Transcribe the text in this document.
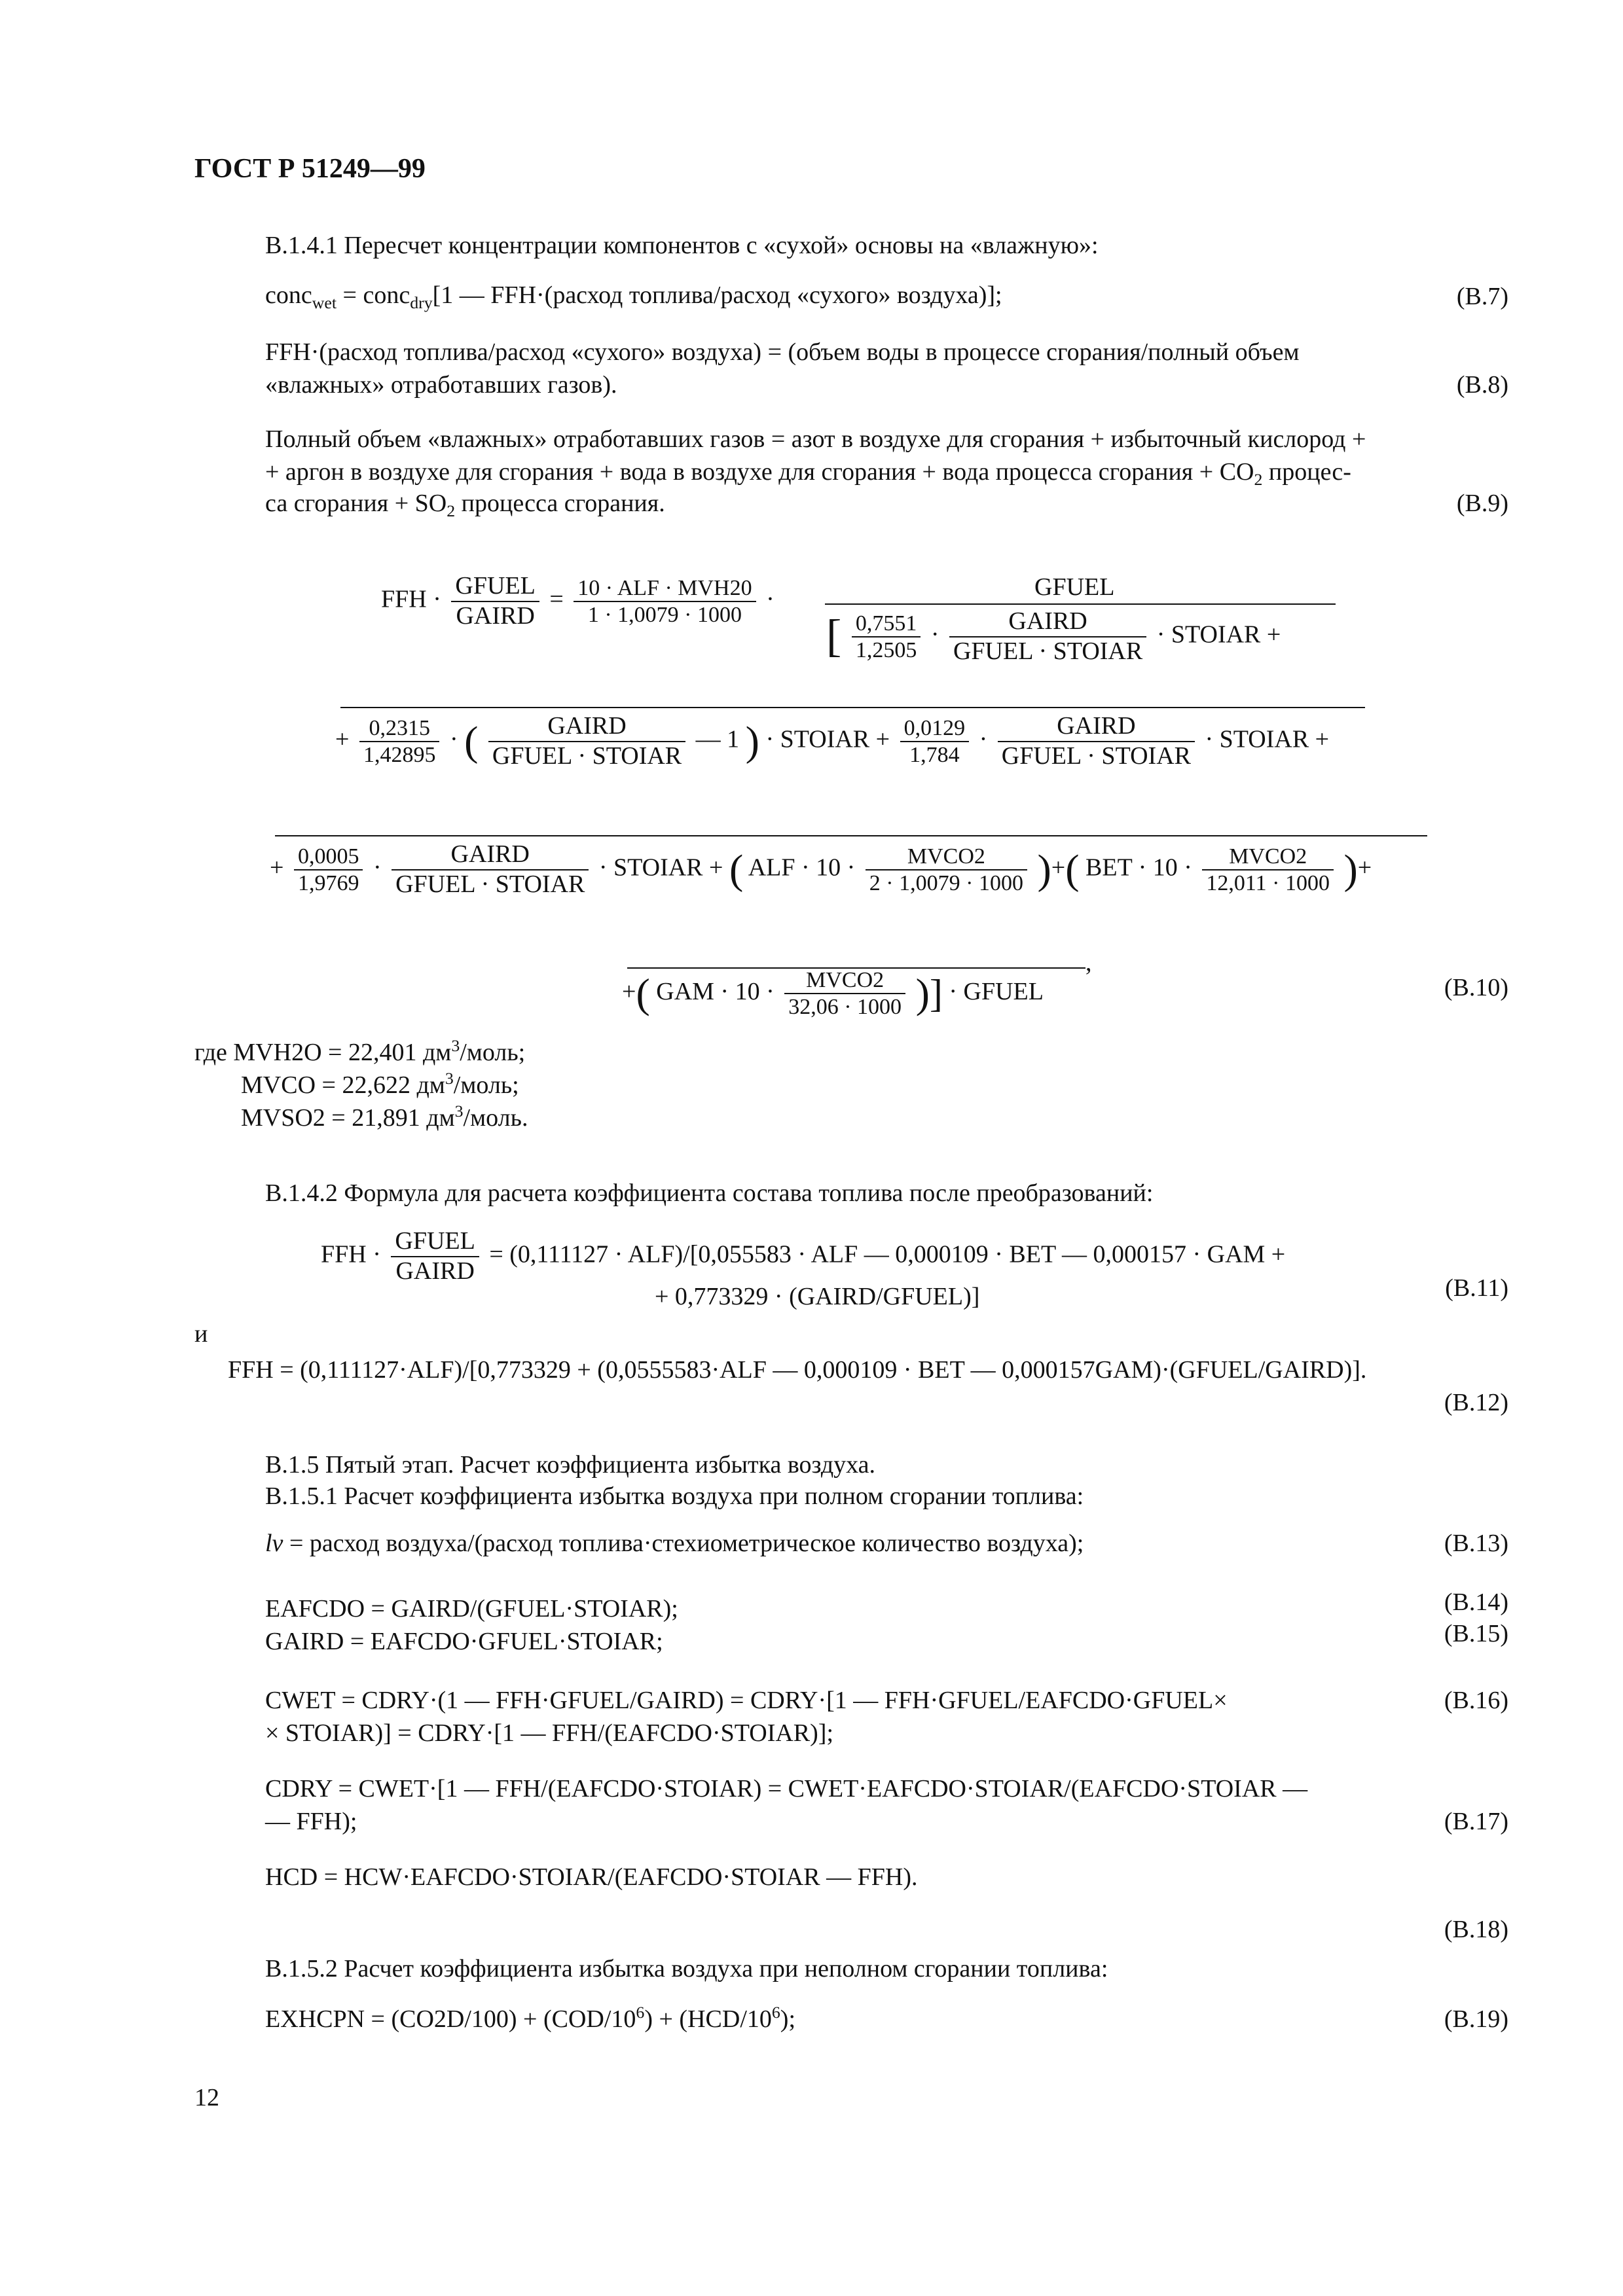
ГОСТ Р 51249—99
В.1.4.1 Пересчет концентрации компонентов с «сухой» основы на «влажную»:
conc$_{wet}$ = conc$_{dry}$[1 — FFH·(расход топлива/расход «сухого» воздуха)];	(В.7)
FFH·(расход топлива/расход «сухого» воздуха) = (объем воды в процессе сгорания/полный объем
«влажных» отработавших газов).	(В.8)
Полный объем «влажных» отработавших газов = азот в воздухе для сгорания + избыточный кислород +
+ аргон в воздухе для сгорания + вода в воздухе для сгорания + вода процесса сгорания + $CO_2$ процес-
са сгорания + $SO_2$ процесса сгорания.	(В.9)
FFH · GFUEL
GAIRD
= 10 · ALF · MVH20
1 · 1,0079 · 1000
·	GFUEL
[ $\frac{0,7551}{1,2505}$ ·	GAIRD
GFUEL · STOIAR
· STOIAR +
+ $\frac{0,2315}{1,42895}$ · (	GAIRD
GFUEL · STOIAR
— 1 ) · STOIAR + $\frac{0,0129}{1,784}$ ·	GAIRD
GFUEL · STOIAR
· STOIAR +
+ $\frac{0,0005}{1,9769}$ ·	GAIRD
GFUEL · STOIAR
· STOIAR + ( ALF · 10 ·	MVCO2
2 · 1,0079 · 1000 )+( BET · 10 ·	MVCO2
12,011 · 1000 )+
,
+( GAM · 10 ·	MVCO2
32,06 · 1000 )] · GFUEL	(В.10)
где MVH2O = 22,401 $дм^3$/моль;
MVCO = 22,622 $дм^3$/моль;
MVSO2 = 21,891 $дм^3$/моль.
В.1.4.2 Формула для расчета коэффициента состава топлива после преобразований:
FFH · GFUEL
GAIRD
= (0,111127 · ALF)/[0,055583 · ALF — 0,000109 · BET — 0,000157 · GAM +
+ 0,773329 · (GAIRD/GFUEL)]	(В.11)
и
FFH = (0,111127·ALF)/[0,773329 + (0,0555583·ALF — 0,000109 · BET — 0,000157GAM)·(GFUEL/GAIRD)].
(В.12)
В.1.5 Пятый этап. Расчет коэффициента избытка воздуха.
В.1.5.1 Расчет коэффициента избытка воздуха при полном сгорании топлива:
lv = расход воздуха/(расход топлива·стехиометрическое количество воздуха);	(В.13)
EAFCDO = GAIRD/(GFUEL·STOIAR);	(В.14)
GAIRD = EAFCDO·GFUEL·STOIAR;	(В.15)
CWET = CDRY·(1 — FFH·GFUEL/GAIRD) = CDRY·[1 — FFH·GFUEL/EAFCDO·GFUEL×
× STOIAR)] = CDRY·[1 — FFH/(EAFCDO·STOIAR)];
(В.16)
CDRY = CWET·[1 — FFH/(EAFCDO·STOIAR) = CWET·EAFCDO·STOIAR/(EAFCDO·STOIAR —
— FFH);	(В.17)
HCD = HCW·EAFCDO·STOIAR/(EAFCDO·STOIAR — FFH).
(В.18)
В.1.5.2 Расчет коэффициента избытка воздуха при неполном сгорании топлива:
EXHCPN = $(CO2D/100) + (COD/10^6) + (HCD/10^6)$;	(В.19)
12
